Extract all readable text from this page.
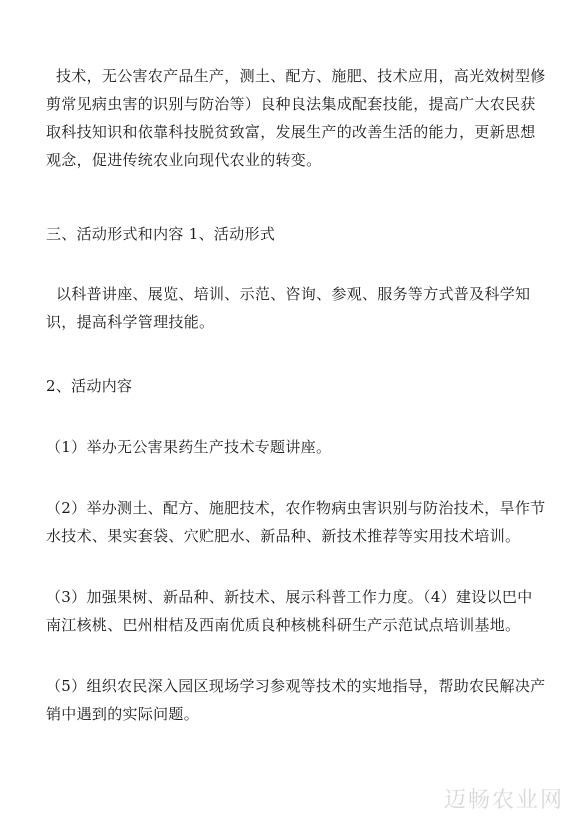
技术，无公害农产品生产，测土、配方、施肥、技术应用，高光效树型修剪常见病虫害的识别与防治等）良种良法集成配套技能，提高广大农民获取科技知识和依靠科技脱贫致富，发展生产的改善生活的能力，更新思想观念，促进传统农业向现代农业的转变。

三、活动形式和内容 1、活动形式

以科普讲座、展览、培训、示范、咨询、参观、服务等方式普及科学知识，提高科学管理技能。

2、活动内容

（1）举办无公害果药生产技术专题讲座。

（2）举办测土、配方、施肥技术，农作物病虫害识别与防治技术，旱作节水技术、果实套袋、穴贮肥水、新品种、新技术推荐等实用技术培训。

（3）加强果树、新品种、新技术、展示科普工作力度。（4）建设以巴中南江核桃、巴州柑桔及西南优质良种核桃科研生产示范试点培训基地。

（5）组织农民深入园区现场学习参观等技术的实地指导，帮助农民解决产销中遇到的实际问题。

迈畅农业网
